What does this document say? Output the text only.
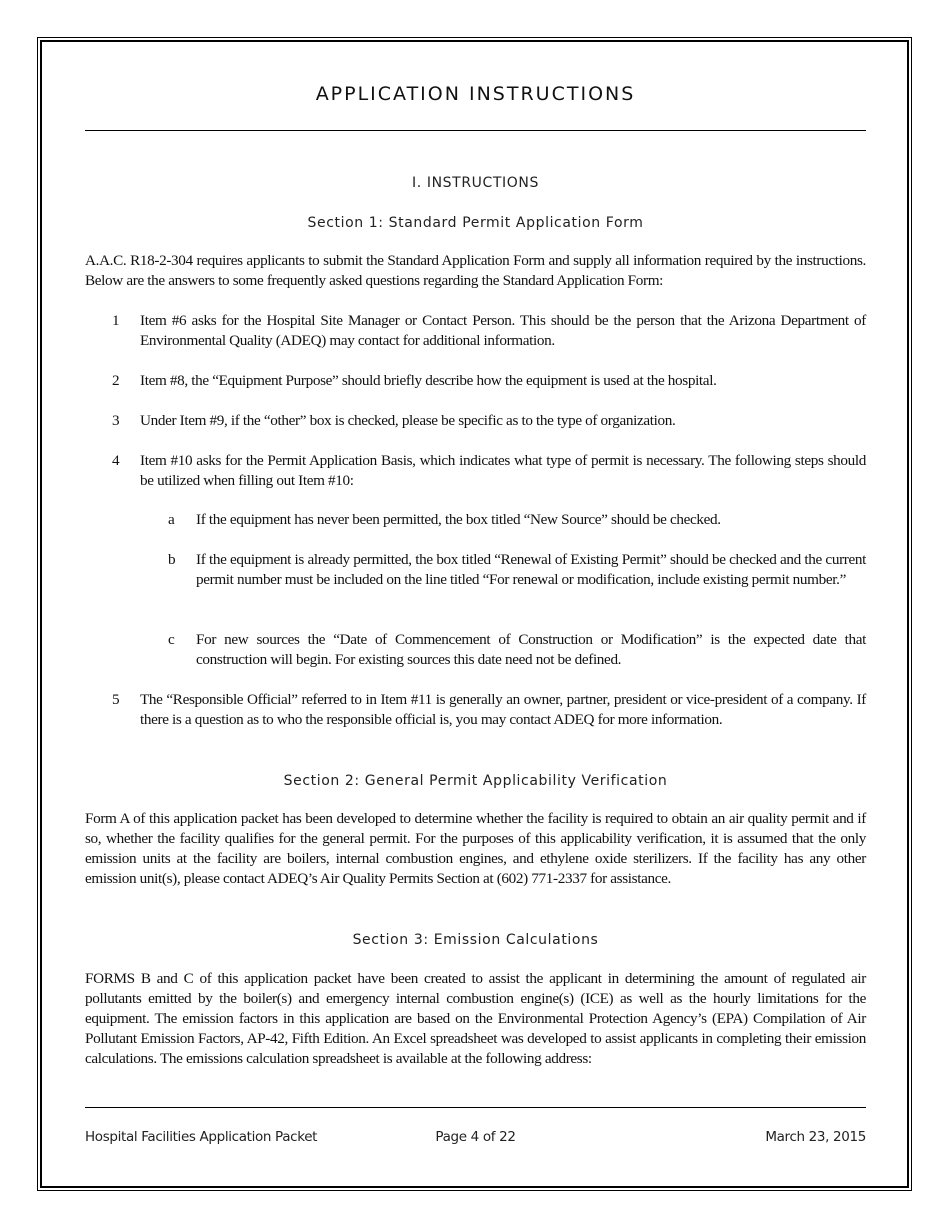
APPLICATION INSTRUCTIONS
I. INSTRUCTIONS
Section 1: Standard Permit Application Form
A.A.C. R18-2-304 requires applicants to submit the Standard Application Form and supply all information required by the instructions. Below are the answers to some frequently asked questions regarding the Standard Application Form:
1 Item #6 asks for the Hospital Site Manager or Contact Person. This should be the person that the Arizona Department of Environmental Quality (ADEQ) may contact for additional information.
2 Item #8, the “Equipment Purpose” should briefly describe how the equipment is used at the hospital.
3 Under Item #9, if the “other” box is checked, please be specific as to the type of organization.
4 Item #10 asks for the Permit Application Basis, which indicates what type of permit is necessary. The following steps should be utilized when filling out Item #10:
a If the equipment has never been permitted, the box titled “New Source” should be checked.
b If the equipment is already permitted, the box titled “Renewal of Existing Permit” should be checked and the current permit number must be included on the line titled “For renewal or modification, include existing permit number.”
c For new sources the “Date of Commencement of Construction or Modification” is the expected date that construction will begin. For existing sources this date need not be defined.
5 The “Responsible Official” referred to in Item #11 is generally an owner, partner, president or vice-president of a company. If there is a question as to who the responsible official is, you may contact ADEQ for more information.
Section 2: General Permit Applicability Verification
Form A of this application packet has been developed to determine whether the facility is required to obtain an air quality permit and if so, whether the facility qualifies for the general permit. For the purposes of this applicability verification, it is assumed that the only emission units at the facility are boilers, internal combustion engines, and ethylene oxide sterilizers. If the facility has any other emission unit(s), please contact ADEQ’s Air Quality Permits Section at (602) 771-2337 for assistance.
Section 3: Emission Calculations
FORMS B and C of this application packet have been created to assist the applicant in determining the amount of regulated air pollutants emitted by the boiler(s) and emergency internal combustion engine(s) (ICE) as well as the hourly limitations for the equipment. The emission factors in this application are based on the Environmental Protection Agency’s (EPA) Compilation of Air Pollutant Emission Factors, AP-42, Fifth Edition. An Excel spreadsheet was developed to assist applicants in completing their emission calculations. The emissions calculation spreadsheet is available at the following address:
Hospital Facilities Application Packet	Page 4 of 22	March 23, 2015
